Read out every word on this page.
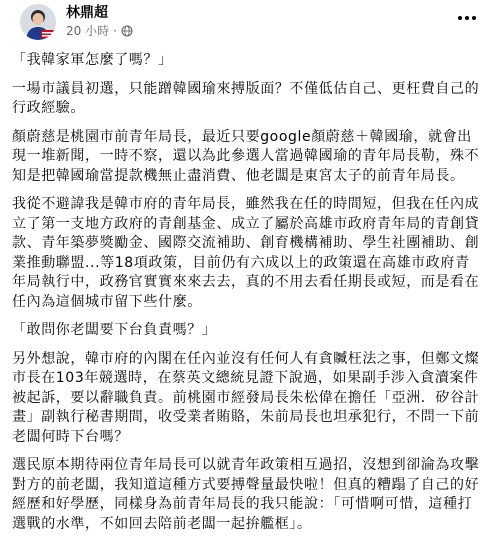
林鼎超
20 小時 ·

「我韓家軍怎麼了嗎？」

一場市議員初選，只能蹭韓國瑜來搏版面？不僅低估自己、更枉費自己的行政經驗。

顏蔚慈是桃園市前青年局長，最近只要google顏蔚慈＋韓國瑜，就會出現一堆新聞，一時不察，還以為此參選人當過韓國瑜的青年局長勒，殊不知是把韓國瑜當提款機無止盡消費、他老闆是東宮太子的前青年局長。

我從不避諱我是韓市府的青年局長，雖然我在任的時間短，但我在任內成立了第一支地方政府的青創基金、成立了屬於高雄市政府青年局的青創貸款、青年築夢獎勵金、國際交流補助、創育機構補助、學生社團補助、創業推動聯盟...等18項政策，目前仍有六成以上的政策還在高雄市政府青年局執行中，政務官實實來來去去，真的不用去看任期長或短，而是看在任內為這個城市留下些什麼。

「敢問你老闆要下台負責嗎？」

另外想說，韓市府的內閣在任內並沒有任何人有貪贓枉法之事，但鄭文燦市長在103年競選時，在蔡英文總統見證下說過，如果副手涉入貪瀆案件被起訴，要以辭職負責。前桃園市經發局長朱松偉在擔任「亞洲．矽谷計畫」副執行秘書期間，收受業者賄賂，朱前局長也坦承犯行，不問一下前老闆何時下台嗎？

選民原本期待兩位青年局長可以就青年政策相互過招，沒想到卻淪為攻擊對方的前老闆，我知道這種方式要搏聲量最快啦！但真的糟蹋了自己的好經歷和好學歷，同樣身為前青年局長的我只能說：「可惜啊可惜，這種打選戰的水準，不如回去陪前老闆一起拚艦框」。
